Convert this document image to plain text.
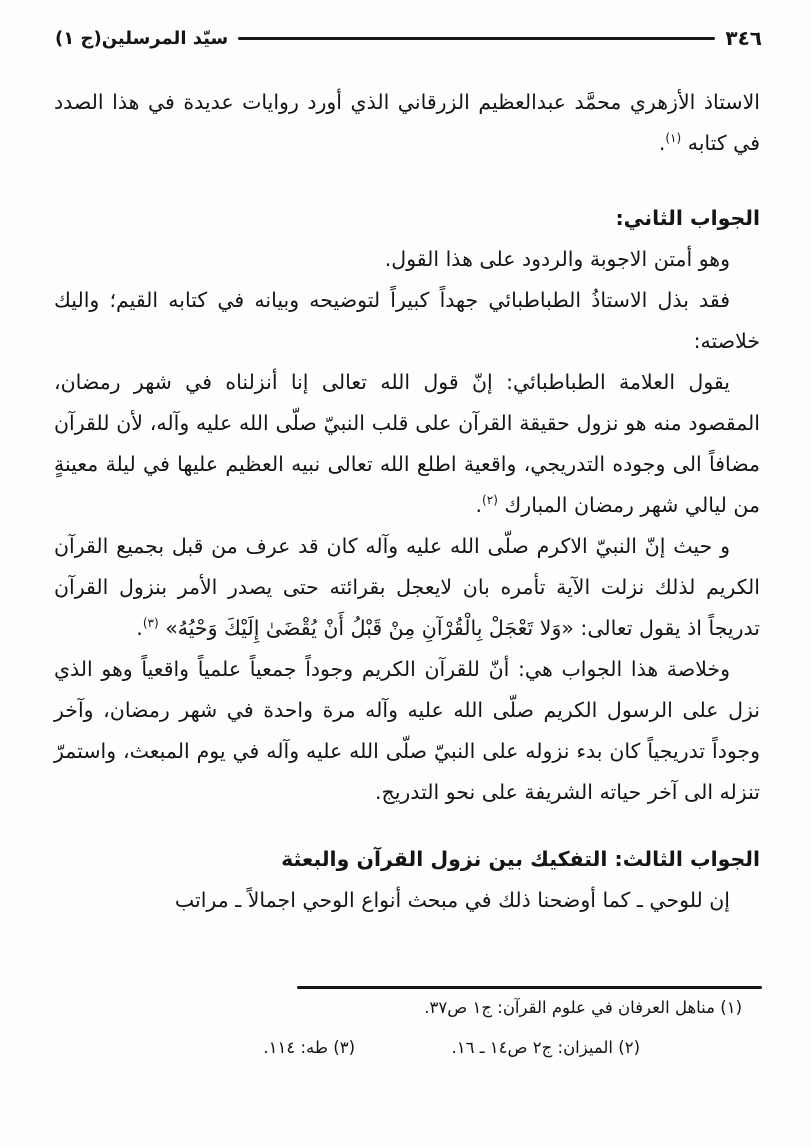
٣٤٦
سيّد المرسلين(ج ١)

الاستاذ الأزهري محمَّد عبدالعظيم الزرقاني الذي أورد روايات عديدة في هذا الصدد في كتابه $^{(١)}$.

الجواب الثاني:

وهو أمتن الاجوبة والردود على هذا القول.

فقد بذل الاستاذُ الطباطبائي جهداً كبيراً لتوضيحه وبيانه في كتابه القيم؛ واليك خلاصته:

يقول العلامة الطباطبائي: إنّ قول الله تعالى إنا أنزلناه في شهر رمضان، المقصود منه هو نزول حقيقة القرآن على قلب النبيّ صلّى الله عليه وآله، لأن للقرآن مضافاً الى وجوده التدريجي، واقعية اطلع الله تعالى نبيه العظيم عليها في ليلة معينةٍ من ليالي شهر رمضان المبارك $^{(٢)}$.

و حيث إنّ النبيّ الاكرم صلّى الله عليه وآله كان قد عرف من قبل بجميع القرآن الكريم لذلك نزلت الآية تأمره بان لايعجل بقرائته حتى يصدر الأمر بنزول القرآن تدريجاً اذ يقول تعالى: «وَلا تَعْجَلْ بِالْقُرْآنِ مِنْ قَبْلُ أَنْ يُقْضَىٰ إِلَيْكَ وَحْيُهُ» $^{(٣)}$.

وخلاصة هذا الجواب هي: أنّ للقرآن الكريم وجوداً جمعياً علمياً واقعياً وهو الذي نزل على الرسول الكريم صلّى الله عليه وآله مرة واحدة في شهر رمضان، وآخر وجوداً تدريجياً كان بدء نزوله على النبيّ صلّى الله عليه وآله في يوم المبعث، واستمرّ تنزله الى آخر حياته الشريفة على نحو التدريج.

الجواب الثالث: التفكيك بين نزول القرآن والبعثة

إن للوحي ـ كما أوضحنا ذلك في مبحث أنواع الوحي اجمالاً ـ مراتب

(١) مناهل العرفان في علوم القرآن: ج١ ص٣٧.
(٢) الميزان: ج٢ ص١٤ ـ ١٦.
(٣) طه: ١١٤.
